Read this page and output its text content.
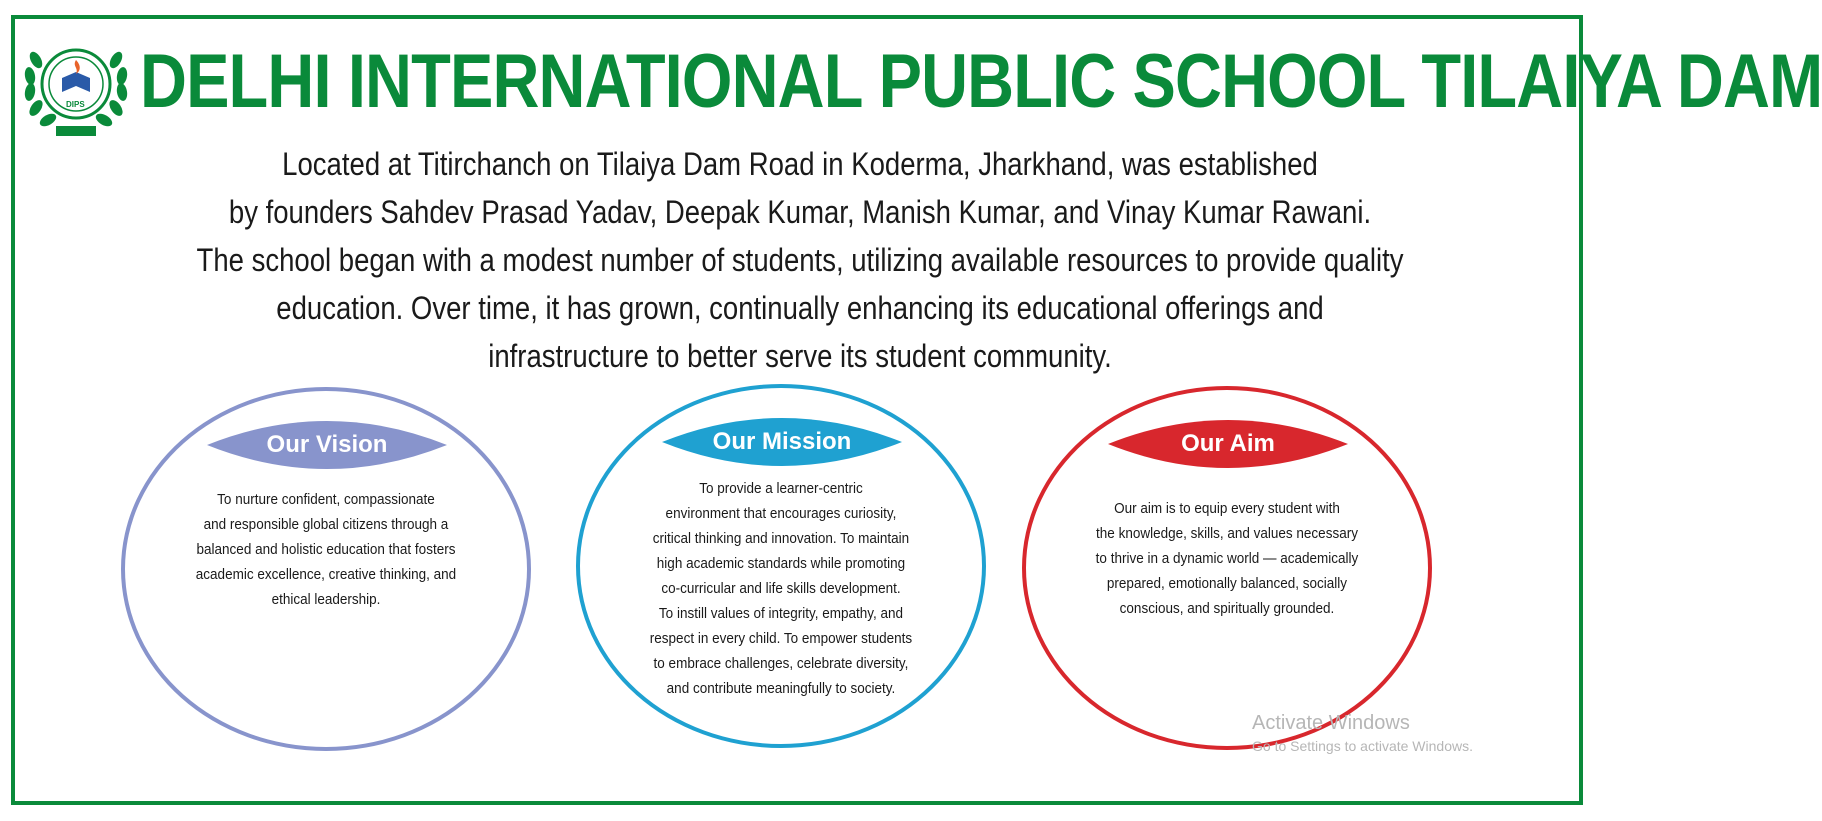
DIPS DELHI INTERNATIONAL PUBLIC SCHOOL TILAIYA DAM
Located at Titirchanch on Tilaiya Dam Road in Koderma, Jharkhand, was established
by founders Sahdev Prasad Yadav, Deepak Kumar, Manish Kumar, and Vinay Kumar Rawani.
The school began with a modest number of students, utilizing available resources to provide quality
education. Over time, it has grown, continually enhancing its educational offerings and
infrastructure to better serve its student community.
Our Vision
To nurture confident, compassionate
and responsible global citizens through a
balanced and holistic education that fosters
academic excellence, creative thinking, and
ethical leadership.
Our Mission
To provide a learner-centric
environment that encourages curiosity,
critical thinking and innovation. To maintain
high academic standards while promoting
co-curricular and life skills development.
To instill values of integrity, empathy, and
respect in every child. To empower students
to embrace challenges, celebrate diversity,
and contribute meaningfully to society.
Our Aim
Our aim is to equip every student with
the knowledge, skills, and values necessary
to thrive in a dynamic world — academically
prepared, emotionally balanced, socially
conscious, and spiritually grounded.
Activate Windows
Go to Settings to activate Windows.
